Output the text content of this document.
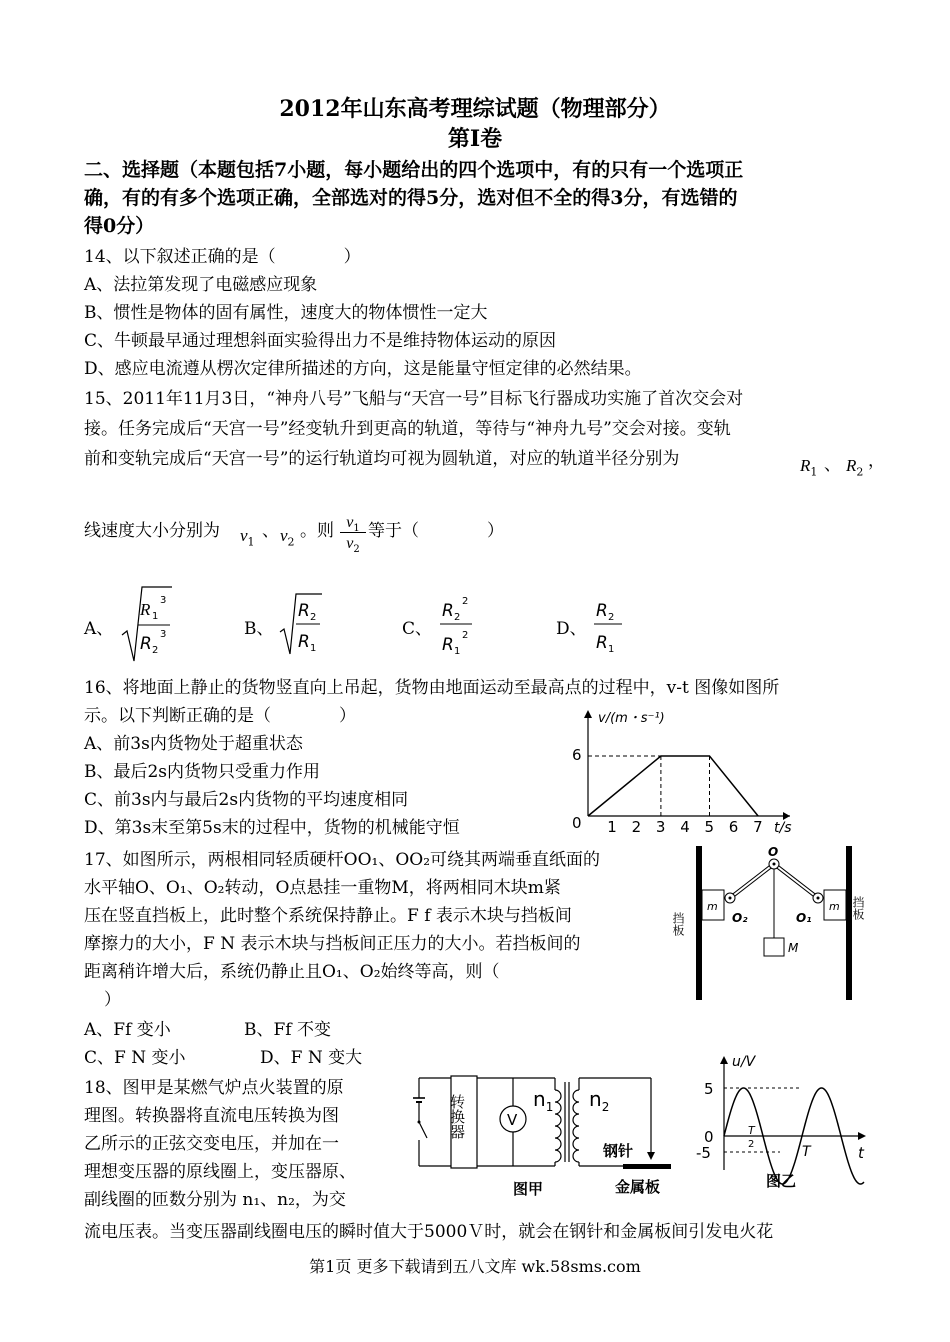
2012年山东高考理综试题（物理部分）
第Ⅰ卷
二、选择题（本题包括7小题，每小题给出的四个选项中，有的只有一个选项正
确，有的有多个选项正确，全部选对的得5分，选对但不全的得3分，有选错的
得0分）
14、以下叙述正确的是（　　　　）
A、法拉第发现了电磁感应现象
B、惯性是物体的固有属性，速度大的物体惯性一定大
C、牛顿最早通过理想斜面实验得出力不是维持物体运动的原因
D、感应电流遵从楞次定律所描述的方向，这是能量守恒定律的必然结果。
15、2011年11月3日，“神舟八号”飞船与“天宫一号”目标飞行器成功实施了首次交会对
接。任务完成后“天宫一号”经变轨升到更高的轨道，等待与“神舟九号”交会对接。变轨
前和变轨完成后“天宫一号”的运行轨道均可视为圆轨道，对应的轨道半径分别为	$R_1$ 、 $R_2$
，
线速度大小分别为 $v_1$
、 $v_2$
。则 $v_1$
$v_2$
等于（　　　　）
A、
R 1
3
R 2
3	B、
R 2
R 1
C、
R 2
2
R 1
2	D、
R 2
R 1
16、将地面上静止的货物竖直向上吊起，货物由地面运动至最高点的过程中，v-t 图像如图所
示。以下判断正确的是（　　　　）
A、前3s内货物处于超重状态
B、最后2s内货物只受重力作用
C、前3s内与最后2s内货物的平均速度相同
D、第3s末至第5s末的过程中，货物的机械能守恒
v/(m・s⁻¹)
t/s
6
0 1 2 3 4 5 6 7
17、如图所示，两根相同轻质硬杆OO₁、OO₂可绕其两端垂直纸面的
水平轴O、O₁、O₂转动，O点悬挂一重物M，将两相同木块m紧
压在竖直挡板上，此时整个系统保持静止。F f 表示木块与挡板间
摩擦力的大小，F N 表示木块与挡板间正压力的大小。若挡板间的
距离稍许增大后，系统仍静止且O₁、O₂始终等高，则（
）
A、Ff 变小	B、Ff 不变
C、F N 变小	D、F N 变大
挡板
挡板
m	m
O
O₂	O₁
M
18、图甲是某燃气炉点火装置的原
理图。转换器将直流电压转换为图
乙所示的正弦交变电压，并加在一
理想变压器的原线圈上，变压器原、
副线圈的匝数分别为 n₁、n₂，为交
流电压表。当变压器副线圈电压的瞬时值大于5000Ｖ时，就会在钢针和金属板间引发电火花
转换器	V
$n_1$ $n_2$
钢针
金属板
图甲
u/V
5
0
-5
T
2	T	t
图乙
第1页 更多下载请到五八文库 wk.58sms.com
